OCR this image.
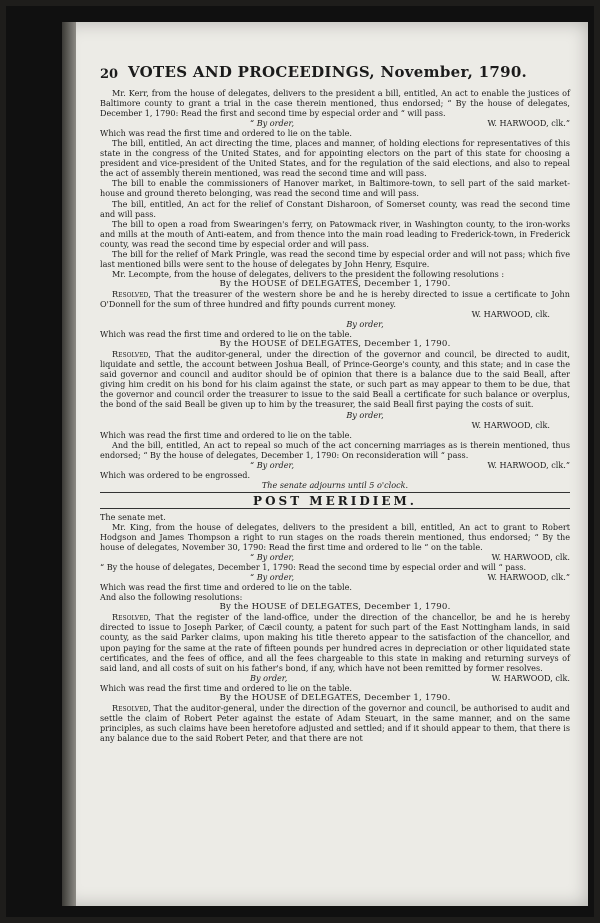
20 VOTES AND PROCEEDINGS, November, 1790.

Mr. Kerr, from the house of delegates, delivers to the president a bill, entitled, An act to enable the justices of Baltimore county to grant a trial in the case therein mentioned, thus endorsed; “ By the house of delegates, December 1, 1790: Read the first and second time by especial order and “ will pass.

“ By order,	W. HARWOOD, clk.”

Which was read the first time and ordered to lie on the table.

The bill, entitled, An act directing the time, places and manner, of holding elections for representatives of this state in the congress of the United States, and for appointing electors on the part of this state for choosing a president and vice-president of the United States, and for the regulation of the said elections, and also to repeal the act of assembly therein mentioned, was read the second time and will pass.

The bill to enable the commissioners of Hanover market, in Baltimore-town, to sell part of the said market-house and ground thereto belonging, was read the second time and will pass.

The bill, entitled, An act for the relief of Constant Disharoon, of Somerset county, was read the second time and will pass.

The bill to open a road from Swearingen's ferry, on Patowmack river, in Washington county, to the iron-works and mills at the mouth of Anti-eatem, and from thence into the main road leading to Frederick-town, in Frederick county, was read the second time by especial order and will pass.

The bill for the relief of Mark Pringle, was read the second time by especial order and will not pass; which five last mentioned bills were sent to the house of delegates by John Henry, Esquire.

Mr. Lecompte, from the house of delegates, delivers to the president the following resolutions :

By the HOUSE of DELEGATES, December 1, 1790.

Resolved, That the treasurer of the western shore be and he is hereby directed to issue a certificate to John O'Donnell for the sum of three hundred and fifty pounds current money.

W. HARWOOD, clk.
By order,

Which was read the first time and ordered to lie on the table.

By the HOUSE of DELEGATES, December 1, 1790.

Resolved, That the auditor-general, under the direction of the governor and council, be directed to audit, liquidate and settle, the account between Joshua Beall, of Prince-George's county, and this state; and in case the said governor and council and auditor should be of opinion that there is a balance due to the said Beall, after giving him credit on his bond for his claim against the state, or such part as may appear to them to be due, that the governor and council order the treasurer to issue to the said Beall a certificate for such balance or overplus, the bond of the said Beall be given up to him by the treasurer, the said Beall first paying the costs of suit.

By order,
W. HARWOOD, clk.

Which was read the first time and ordered to lie on the table.

And the bill, entitled, An act to repeal so much of the act concerning marriages as is therein mentioned, thus endorsed; “ By the house of delegates, December 1, 1790: On reconsideration will “ pass.

“ By order,	W. HARWOOD, clk.”

Which was ordered to be engrossed.

The senate adjourns until 5 o'clock.
POST MERIDIEM.

The senate met.

Mr. King, from the house of delegates, delivers to the president a bill, entitled, An act to grant to Robert Hodgson and James Thompson a right to run stages on the roads therein mentioned, thus endorsed; “ By the house of delegates, November 30, 1790: Read the first time and ordered to lie “ on the table.

“ By order,	W. HARWOOD, clk.

“ By the house of delegates, December 1, 1790: Read the second time by especial order and will “ pass.

“ By order,	W. HARWOOD, clk.”

Which was read the first time and ordered to lie on the table.

And also the following resolutions:

By the HOUSE of DELEGATES, December 1, 1790.

Resolved, That the register of the land-office, under the direction of the chancellor, be and he is hereby directed to issue to Joseph Parker, of Cæcil county, a patent for such part of the East Nottingham lands, in said county, as the said Parker claims, upon making his title thereto appear to the satisfaction of the chancellor, and upon paying for the same at the rate of fifteen pounds per hundred acres in depreciation or other liquidated state certificates, and the fees of office, and all the fees chargeable to this state in making and returning surveys of said land, and all costs of suit on his father's bond, if any, which have not been remitted by former resolves.

By order,	W. HARWOOD, clk.

Which was read the first time and ordered to lie on the table.

By the HOUSE of DELEGATES, December 1, 1790.

Resolved, That the auditor-general, under the direction of the governor and council, be authorised to audit and settle the claim of Robert Peter against the estate of Adam Steuart, in the same manner, and on the same principles, as such claims have been heretofore adjusted and settled; and if it should appear to them, that there is any balance due to the said Robert Peter, and that there are not
